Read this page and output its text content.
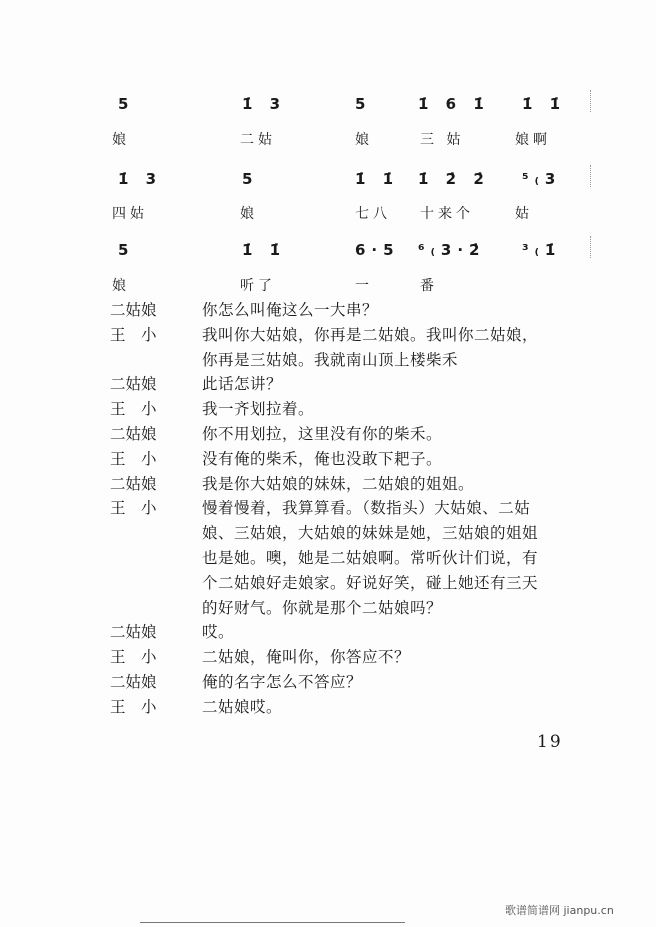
5	1̇ 3	5	1̇ 6 1̇ 1̇ 1̇
娘	二姑	娘	三 姑	娘啊
1̇ 3	5	1̇ 1̇ 1̇ 2̇ 2̇ ⁵₍3
四姑	娘	七八 十来个	姑
5	1̇ 1̇	6·5 ⁶₍3·2̇ ³₍1̇
娘	听了	一	番
二姑娘	你怎么叫俺这么一大串？
王　小	我叫你大姑娘，你再是二姑娘。我叫你二姑娘，
你再是三姑娘。我就南山顶上楼柴禾
二姑娘	此话怎讲？
王　小	我一齐划拉着。
二姑娘	你不用划拉，这里没有你的柴禾。
王　小	没有俺的柴禾，俺也没敢下耙子。
二姑娘	我是你大姑娘的妹妹，二姑娘的姐姐。
王　小	慢着慢着，我算算看。（数指头）大姑娘、二姑
娘、三姑娘，大姑娘的妹妹是她，三姑娘的姐姐
也是她。噢，她是二姑娘啊。常听伙计们说，有
个二姑娘好走娘家。好说好笑，碰上她还有三天
的好财气。你就是那个二姑娘吗？
二姑娘	哎。
王　小	二姑娘，俺叫你，你答应不？
二姑娘	俺的名字怎么不答应？
王　小	二姑娘哎。
19
歌谱简谱网 jianpu.cn
